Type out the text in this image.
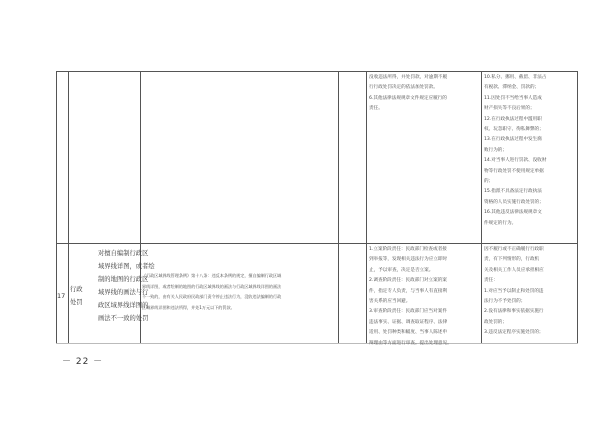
没收违法所得，并处罚款，对逾期不履
行行政处罚决定的依法加处罚款。
6.其他法律法规规章文件规定应履行的
责任。
10.私分、挪用、截留、非法占
有税款、滞纳金、罚款的；
11.因处罚不当给当事人造成
财产损失等不良后果的；
12.在行政执法过程中滥用职
权、玩忽职守、徇私舞弊的；
13.在行政执法过程中发生腐
败行为的；
14.对当事人进行罚款、没收财
物等行政处罚不使用规定单据
的；
15.指派不具备法定行政执法
资格的人员实施行政处罚的；
16.其他违反法律法规规章文
件规定的行为。
17
行政
处罚
对擅自编制行政区
域界线详图，或者绘
制的地图的行政区
域界线的画法与行
政区域界线详图的
画法不一致的处罚
《行政区域界线管理条例》第十八条：违反本条例的规定，擅自编制行政区域
界线详图，或者绘制的地图的行政区域界线的画法与行政区域界线详图的画法
不一致的，由有关人民政府民政部门责令停止违法行为，没收违法编制的行政
区域界线详图和违法所得，并处1万元以下的罚款。
1.立案阶段责任：民政部门检查或者接
到举报等，发现相关违法行为应立即时
止，予以审查，决定是否立案。
2.调查阶段责任：民政部门对立案的案
件，指定专人负责，与当事人有直接利
害关系的应当回避。
3.审查阶段责任：民政部门应当对案件
违法事实、证据、调查取证程序、法律
适用、处罚种类和幅度、当事人陈述申
辩理由等方面进行审查。提出处理意见。
因不履行或不正确履行行政职
责，有下列情形的，行政机
关及相关工作人员应承担相应
责任：
1.对应当予以制止和处罚的违
法行为不予处罚的；
2.没有法律和事实依据实施行
政处罚的；
3.违反法定程序实施处罚的；
－ 22 －
